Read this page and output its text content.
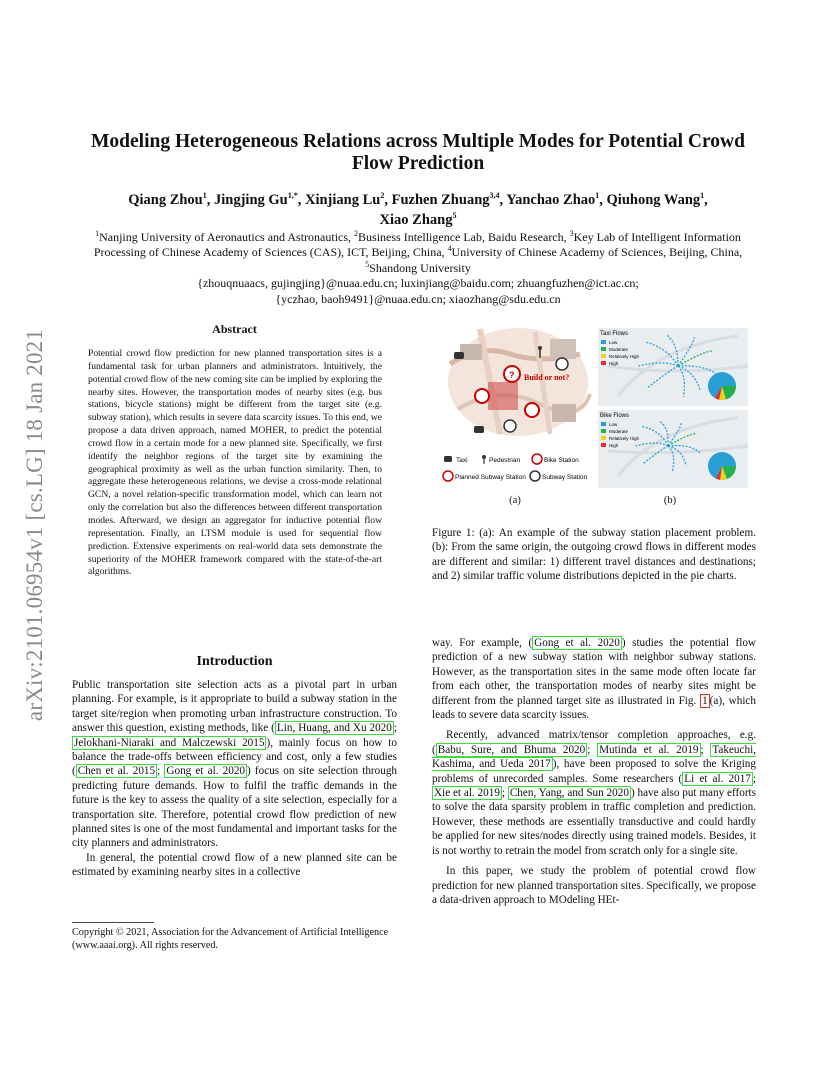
arXiv:2101.06954v1 [cs.LG] 18 Jan 2021
Modeling Heterogeneous Relations across Multiple Modes for Potential Crowd
Flow Prediction
Qiang Zhou$^1$, Jingjing $Gu^{1,*}$, Xinjiang Lu$^2$, Fuzhen Zhuang$^{3,4}$, Yanchao Zhao$^1$, Qiuhong Wang$^1$,
Xiao Zhang$^5$
$^1$Nanjing University of Aeronautics and Astronautics, $^2$Business Intelligence Lab, Baidu Research, $^3$Key Lab of Intelligent Information Processing of Chinese Academy of Sciences (CAS), ICT, Beijing, China, $^4$University of Chinese Academy of Sciences, Beijing, China, $^5$Shandong University
{zhouqnuaacs, gujingjing}@nuaa.edu.cn; luxinjiang@baidu.com; zhuangfuzhen@ict.ac.cn;
{yczhao, baoh9491}@nuaa.edu.cn; xiaozhang@sdu.edu.cn
Abstract
Potential crowd flow prediction for new planned transportation sites is a fundamental task for urban planners and administrators. Intuitively, the potential crowd flow of the new coming site can be implied by exploring the nearby sites. However, the transportation modes of nearby sites (e.g. bus stations, bicycle stations) might be different from the target site (e.g. subway station), which results in severe data scarcity issues. To this end, we propose a data driven approach, named MOHER, to predict the potential crowd flow in a certain mode for a new planned site. Specifically, we first identify the neighbor regions of the target site by examining the geographical proximity as well as the urban function similarity. Then, to aggregate these heterogeneous relations, we devise a cross-mode relational GCN, a novel relation-specific transformation model, which can learn not only the correlation but also the differences between different transportation modes. Afterward, we design an aggregator for inductive potential flow representation. Finally, an LTSM module is used for sequential flow prediction. Extensive experiments on real-world data sets demonstrate the superiority of the MOHER framework compared with the state-of-the-art algorithms.
Introduction

Public transportation site selection acts as a pivotal part in urban planning. For example, is it appropriate to build a subway station in the target site/region when promoting urban infrastructure construction. To answer this question, existing methods, like ( Lin, Huang, and Xu 2020 ; Jelokhani-Niaraki and Malczewski 2015 ), mainly focus on how to balance the trade-offs between efficiency and cost, only a few studies ( Chen et al. 2015 ; Gong et al. 2020 ) focus on site selection through predicting future demands. How to fulfil the traffic demands in the future is the key to assess the quality of a site selection, especially for a transportation site. Therefore, potential crowd flow prediction of new planned sites is one of the most fundamental and important tasks for the city planners and administrators.

In general, the potential crowd flow of a new planned site can be estimated by examining nearby sites in a collective

Copyright © 2021, Association for the Advancement of Artificial Intelligence (www.aaai.org). All rights reserved.
? Build or not?
Taxi	Pedestrian	Bike Station
Planned Subway Station Subway Station
Taxi Flows
Bike Flows
Low
Moderate
Relatively High
High
Low
Moderate
Relatively High
High
(a)	(b)
Figure 1: (a): An example of the subway station placement problem. (b): From the same origin, the outgoing crowd flows in different modes are different and similar: 1) different travel distances and destinations; and 2) similar traffic volume distributions depicted in the pie charts.

way. For example, ( Gong et al. 2020 ) studies the potential flow prediction of a new subway station with neighbor subway stations. However, as the transportation sites in the same mode often locate far from each other, the transportation modes of nearby sites might be different from the planned target site as illustrated in Fig. 1 (a), which leads to severe data scarcity issues.

Recently, advanced matrix/tensor completion approaches, e.g. ( Babu, Sure, and Bhuma 2020 ; Mutinda et al. 2019 ; Takeuchi, Kashima, and Ueda 2017 ), have been proposed to solve the Kriging problems of unrecorded samples. Some researchers ( Li et al. 2017 ; Xie et al. 2019 ; Chen, Yang, and Sun 2020 ) have also put many efforts to solve the data sparsity problem in traffic completion and prediction. However, these methods are essentially transductive and could hardly be applied for new sites/nodes directly using trained models. Besides, it is not worthy to retrain the model from scratch only for a single site.

In this paper, we study the problem of potential crowd flow prediction for new planned transportation sites. Specifically, we propose a data-driven approach to MOdeling HEt-
